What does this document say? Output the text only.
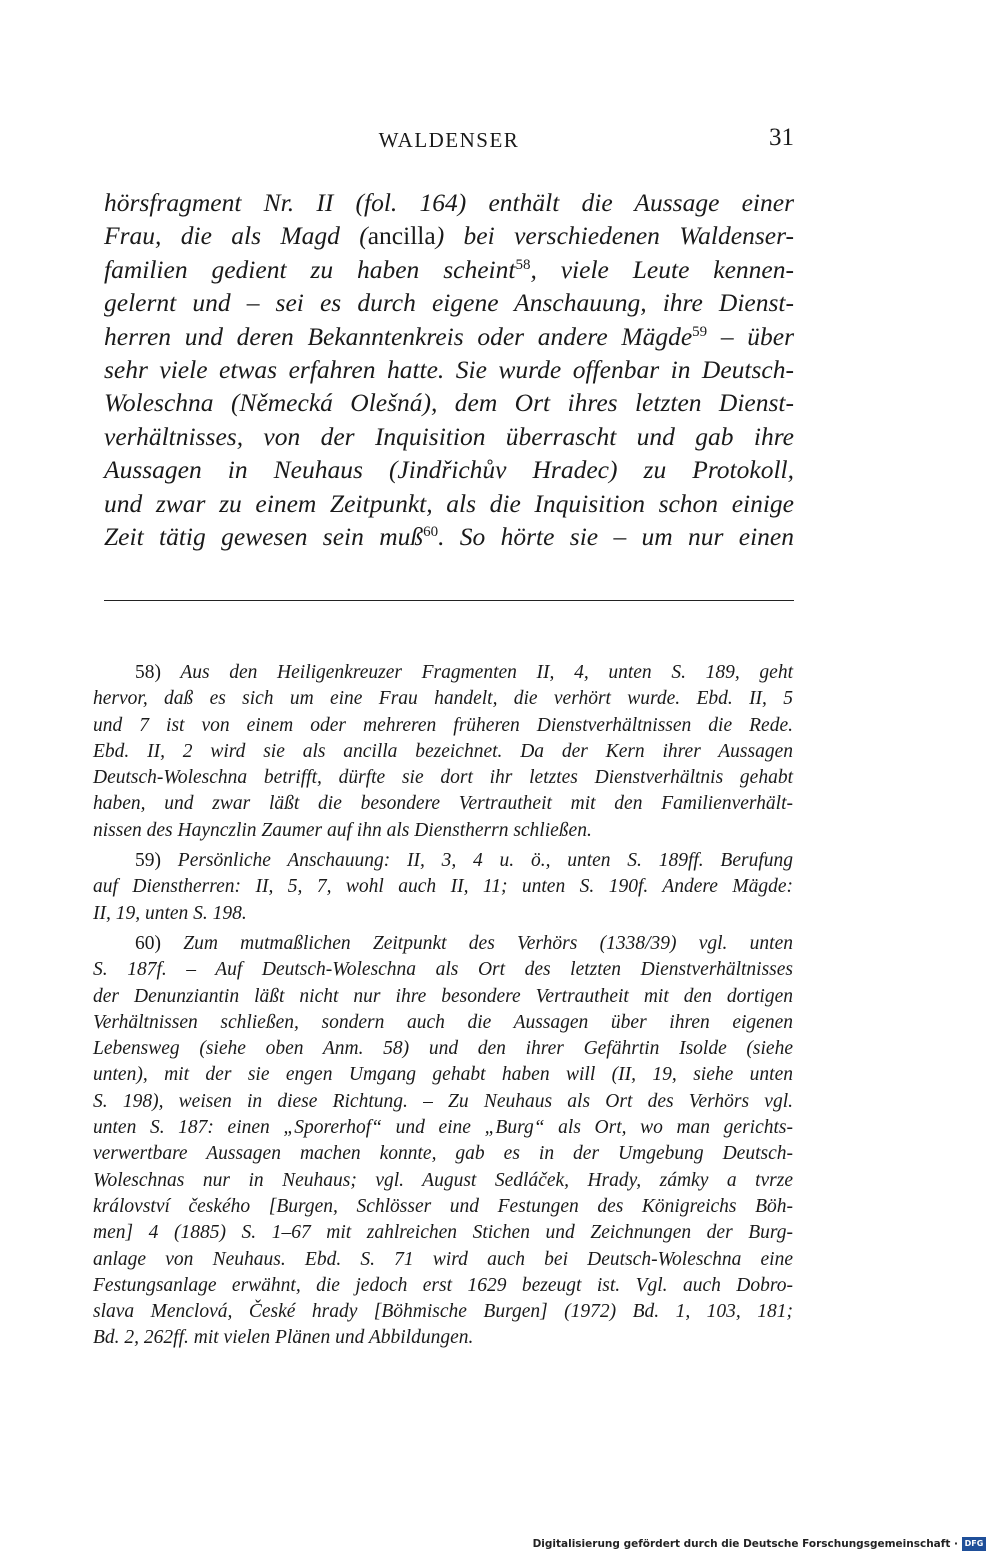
WALDENSER	31
hörsfragment Nr. II (fol. 164) enthält die Aussage einer
Frau, die als Magd (ancilla) bei verschiedenen Waldenser-
familien gedient zu haben scheint$^{58}$, viele Leute kennen-
gelernt und – sei es durch eigene Anschauung, ihre Dienst-
herren und deren Bekanntenkreis oder andere Mägde$^{59}$ – über
sehr viele etwas erfahren hatte. Sie wurde offenbar in Deutsch-
Woleschna (Německá Olešná), dem Ort ihres letzten Dienst-
verhältnisses, von der Inquisition überrascht und gab ihre
Aussagen in Neuhaus (Jindřichův Hradec) zu Protokoll,
und zwar zu einem Zeitpunkt, als die Inquisition schon einige
Zeit tätig gewesen sein muß$^{60}$. So hörte sie – um nur einen
58) Aus den Heiligenkreuzer Fragmenten II, 4, unten S. 189, geht
hervor, daß es sich um eine Frau handelt, die verhört wurde. Ebd. II, 5
und 7 ist von einem oder mehreren früheren Dienstverhältnissen die Rede.
Ebd. II, 2 wird sie als ancilla bezeichnet. Da der Kern ihrer Aussagen
Deutsch-Woleschna betrifft, dürfte sie dort ihr letztes Dienstverhältnis gehabt
haben, und zwar läßt die besondere Vertrautheit mit den Familienverhält-
nissen des Haynczlin Zaumer auf ihn als Dienstherrn schließen.
59) Persönliche Anschauung: II, 3, 4 u. ö., unten S. 189ff. Berufung
auf Dienstherren: II, 5, 7, wohl auch II, 11; unten S. 190f. Andere Mägde:
II, 19, unten S. 198.
60) Zum mutmaßlichen Zeitpunkt des Verhörs (1338/39) vgl. unten
S. 187f. – Auf Deutsch-Woleschna als Ort des letzten Dienstverhältnisses
der Denunziantin läßt nicht nur ihre besondere Vertrautheit mit den dortigen
Verhältnissen schließen, sondern auch die Aussagen über ihren eigenen
Lebensweg (siehe oben Anm. 58) und den ihrer Gefährtin Isolde (siehe
unten), mit der sie engen Umgang gehabt haben will (II, 19, siehe unten
S. 198), weisen in diese Richtung. – Zu Neuhaus als Ort des Verhörs vgl.
unten S. 187: einen „Sporerhof“ und eine „Burg“ als Ort, wo man gerichts-
verwertbare Aussagen machen konnte, gab es in der Umgebung Deutsch-
Woleschnas nur in Neuhaus; vgl. August Sedláček, Hrady, zámky a tvrze
království českého [Burgen, Schlösser und Festungen des Königreichs Böh-
men] 4 (1885) S. 1–67 mit zahlreichen Stichen und Zeichnungen der Burg-
anlage von Neuhaus. Ebd. S. 71 wird auch bei Deutsch-Woleschna eine
Festungsanlage erwähnt, die jedoch erst 1629 bezeugt ist. Vgl. auch Dobro-
slava Menclová, České hrady [Böhmische Burgen] (1972) Bd. 1, 103, 181;
Bd. 2, 262ff. mit vielen Plänen und Abbildungen.
Digitalisierung gefördert durch die Deutsche Forschungsgemeinschaft · DFG
